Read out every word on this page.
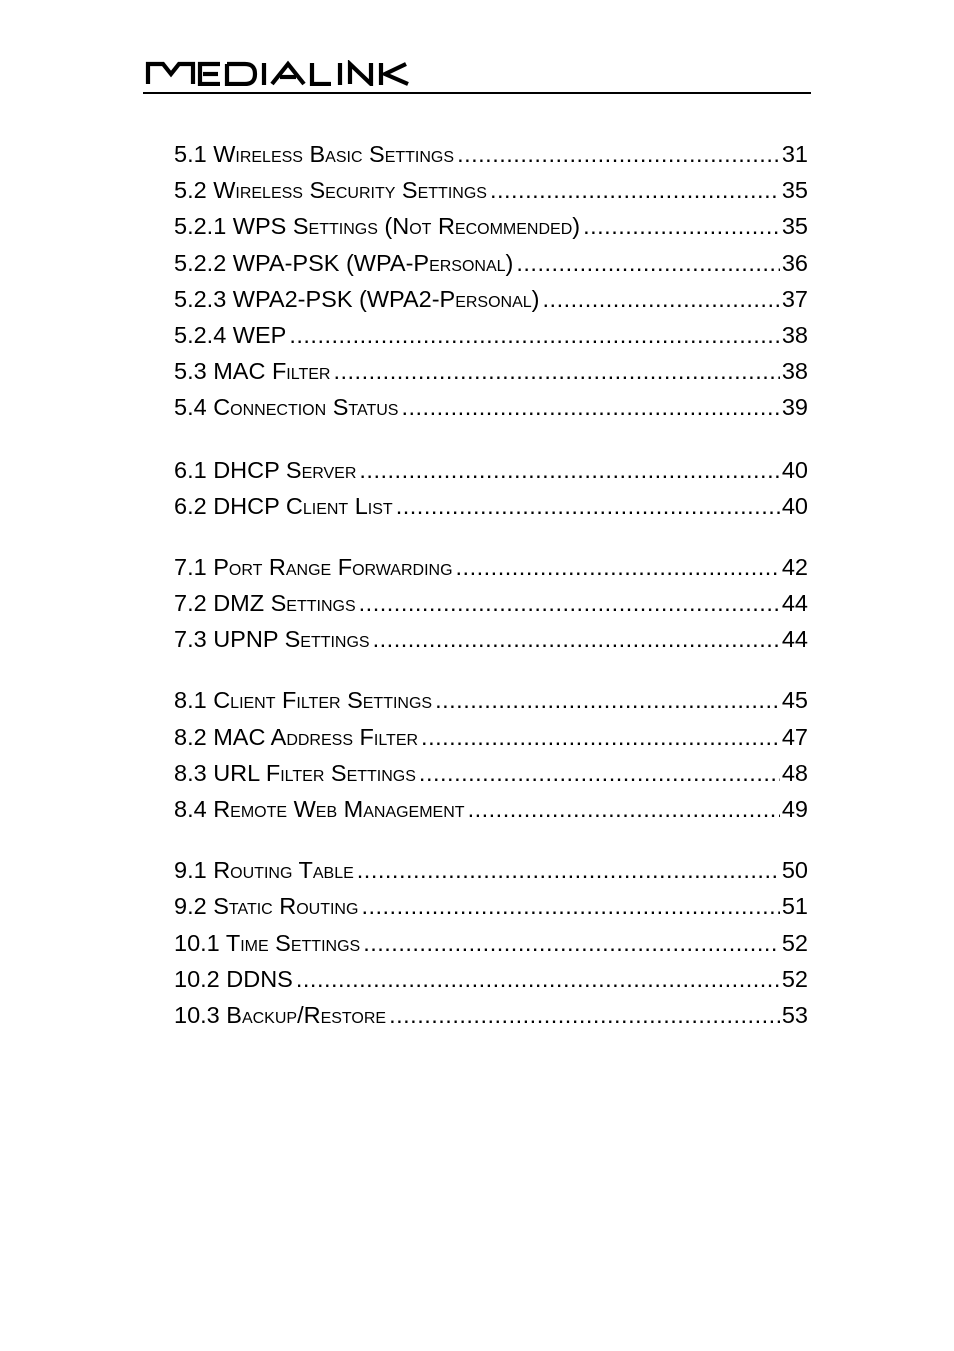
5.1 Wireless Basic Settings .....	31
5.2 Wireless Security Settings .....	35
5.2.1 WPS Settings (Not Recommended) .....	35
5.2.2 WPA-PSK (WPA-Personal) .....	36
5.2.3 WPA2-PSK (WPA2-Personal) .....	37
5.2.4 WEP .....	38
5.3 MAC Filter .....	38
5.4 Connection Status .....	39
6.1 DHCP Server .....	40
6.2 DHCP Client List .....	40
7.1 Port Range Forwarding .....	42
7.2 DMZ Settings .....	44
7.3 UPNP Settings .....	44
8.1 Client Filter Settings .....	45
8.2 MAC Address Filter .....	47
8.3 URL Filter Settings .....	48
8.4 Remote Web Management .....	49
9.1 Routing Table .....	50
9.2 Static Routing .....	51
10.1 Time Settings .....	52
10.2 DDNS .....	52
10.3 Backup/Restore .....	53
